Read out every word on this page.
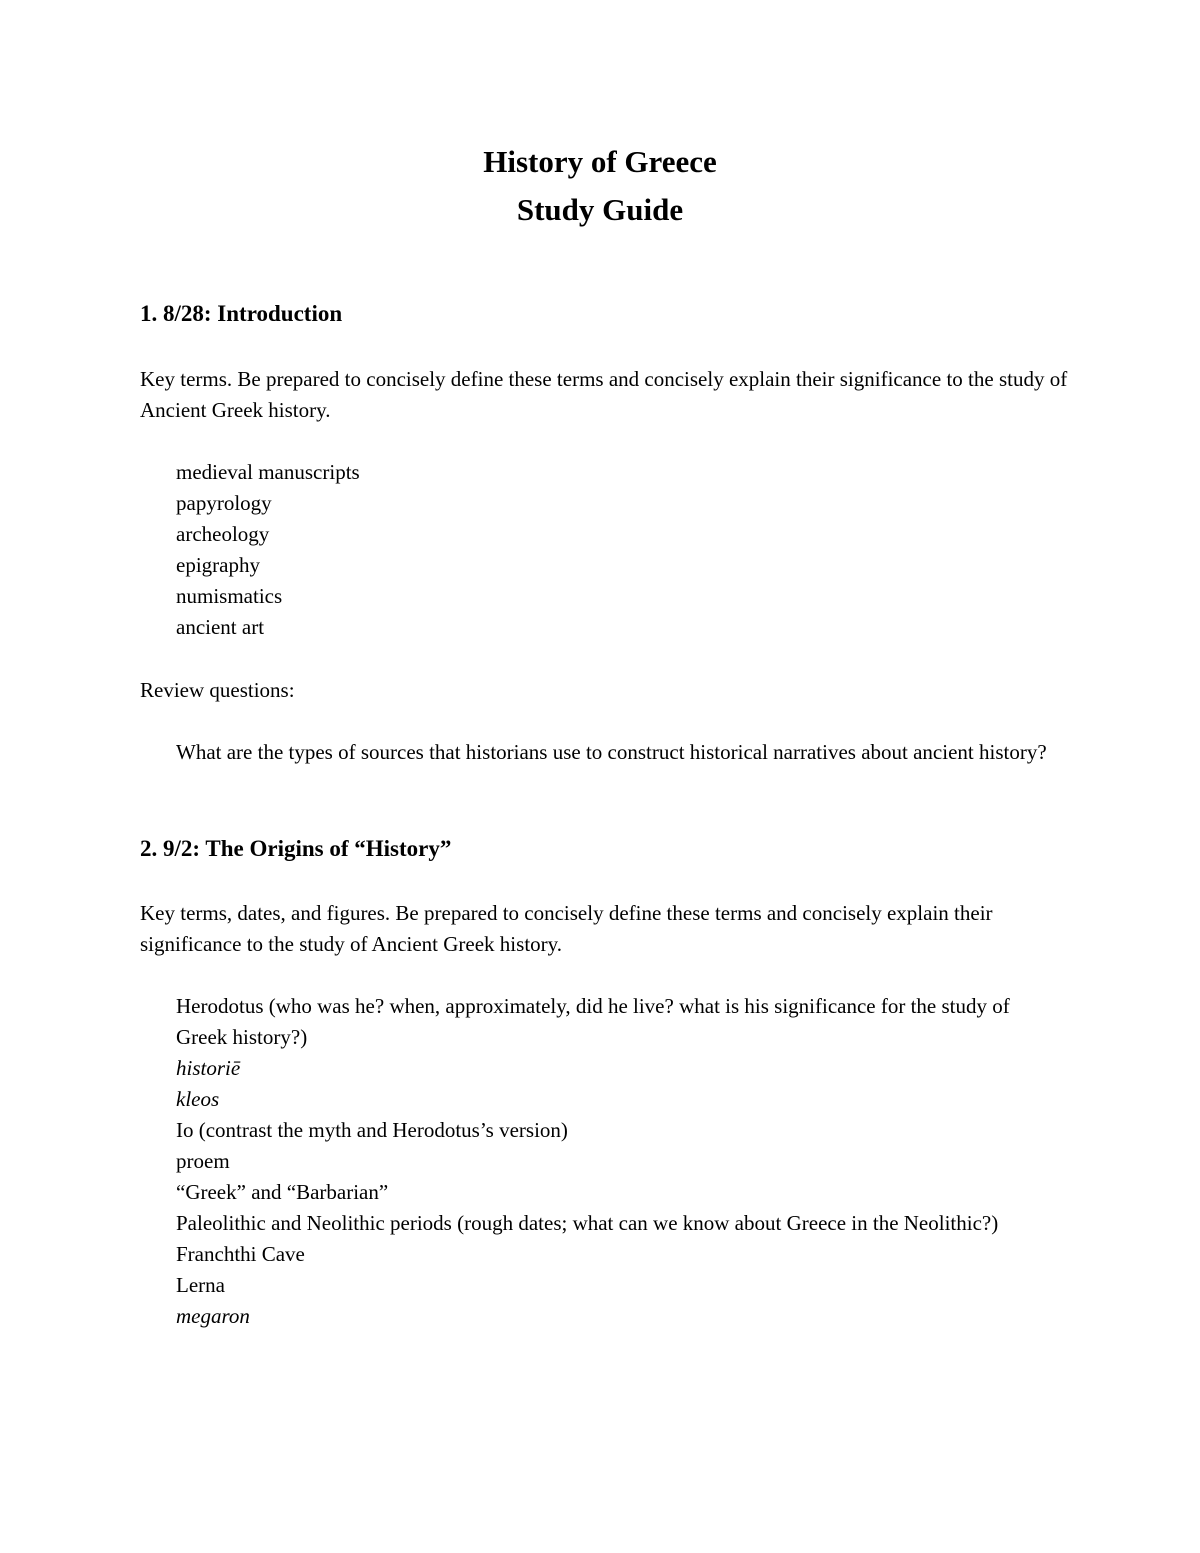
History of Greece
Study Guide
1. 8/28: Introduction
Key terms. Be prepared to concisely define these terms and concisely explain their significance to the study of Ancient Greek history.
medieval manuscripts
papyrology
archeology
epigraphy
numismatics
ancient art
Review questions:
What are the types of sources that historians use to construct historical narratives about ancient history?
2. 9/2: The Origins of “History”
Key terms, dates, and figures. Be prepared to concisely define these terms and concisely explain their significance to the study of Ancient Greek history.
Herodotus (who was he? when, approximately, did he live? what is his significance for the study of Greek history?)
historiē
kleos
Io (contrast the myth and Herodotus’s version)
proem
“Greek” and “Barbarian”
Paleolithic and Neolithic periods (rough dates; what can we know about Greece in the Neolithic?)
Franchthi Cave
Lerna
megaron
